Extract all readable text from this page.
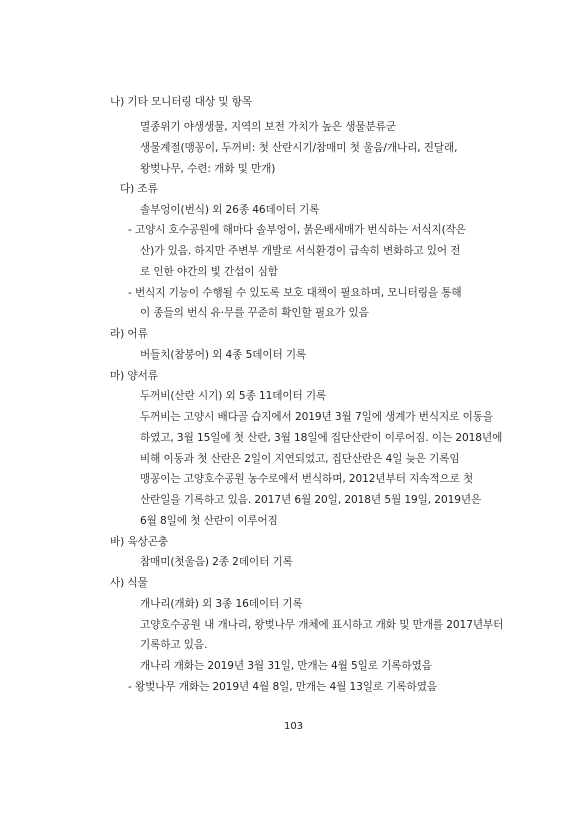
나) 기타 모니터링 대상 및 항목
멸종위기 야생생물, 지역의 보전 가치가 높은 생물분류군
생물계절(맹꽁이, 두꺼비: 첫 산란시기/참매미 첫 울음/개나리, 진달래,
왕벚나무, 수련: 개화 및 만개)
다) 조류
솔부엉이(번식) 외 26종 46데이터 기록
- 고양시 호수공원에 해마다 솔부엉이, 붉은배새매가 번식하는 서식지(작은
산)가 있음. 하지만 주변부 개발로 서식환경이 급속히 변화하고 있어 전
로 인한 야간의 빛 간섭이 심함
- 번식지 기능이 수행될 수 있도록 보호 대책이 필요하며, 모니터링을 통해
이 종들의 번식 유·무를 꾸준히 확인할 필요가 있음
라) 어류
버들치(참붕어) 외 4종 5데이터 기록
마) 양서류
두꺼비(산란 시기) 외 5종 11데이터 기록
두꺼비는 고양시 배다골 습지에서 2019년 3월 7일에 생계가 번식지로 이동을
하였고, 3월 15일에 첫 산란, 3월 18일에 집단산란이 이루어짐. 이는 2018년에
비해 이동과 첫 산란은 2일이 지연되었고, 집단산란은 4일 늦은 기록임
맹꽁이는 고양호수공원 농수로에서 번식하며, 2012년부터 지속적으로 첫
산란일을 기록하고 있음. 2017년 6월 20일, 2018년 5월 19일, 2019년은
6월 8일에 첫 산란이 이루어짐
바) 육상곤충
참매미(첫울음) 2종 2데이터 기록
사) 식물
개나리(개화) 외 3종 16데이터 기록
고양호수공원 내 개나리, 왕벚나무 개체에 표시하고 개화 및 만개를 2017년부터
기록하고 있음.
개나리 개화는 2019년 3월 31일, 만개는 4월 5일로 기록하였음
- 왕벚나무 개화는 2019년 4월 8일, 만개는 4월 13일로 기록하였음
103
